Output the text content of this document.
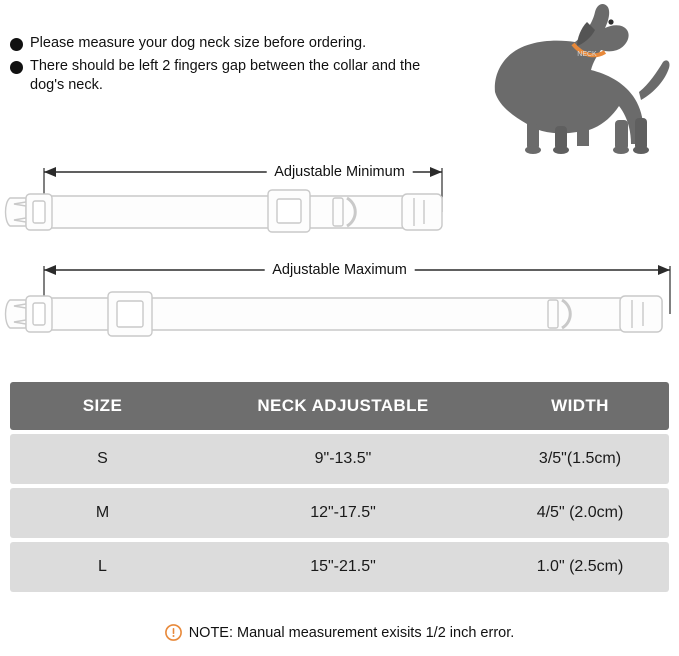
Please measure your dog neck size before ordering.
There should be left 2 fingers gap between the collar and the dog's neck.
NECK
Adjustable Minimum
Adjustable Maximum
SIZE	NECK ADJUSTABLE	WIDTH
S	9"-13.5"	3/5"(1.5cm)
M	12"-17.5"	4/5" (2.0cm)
L	15"-21.5"	1.0" (2.5cm)
NOTE: Manual measurement exisits 1/2 inch error.
